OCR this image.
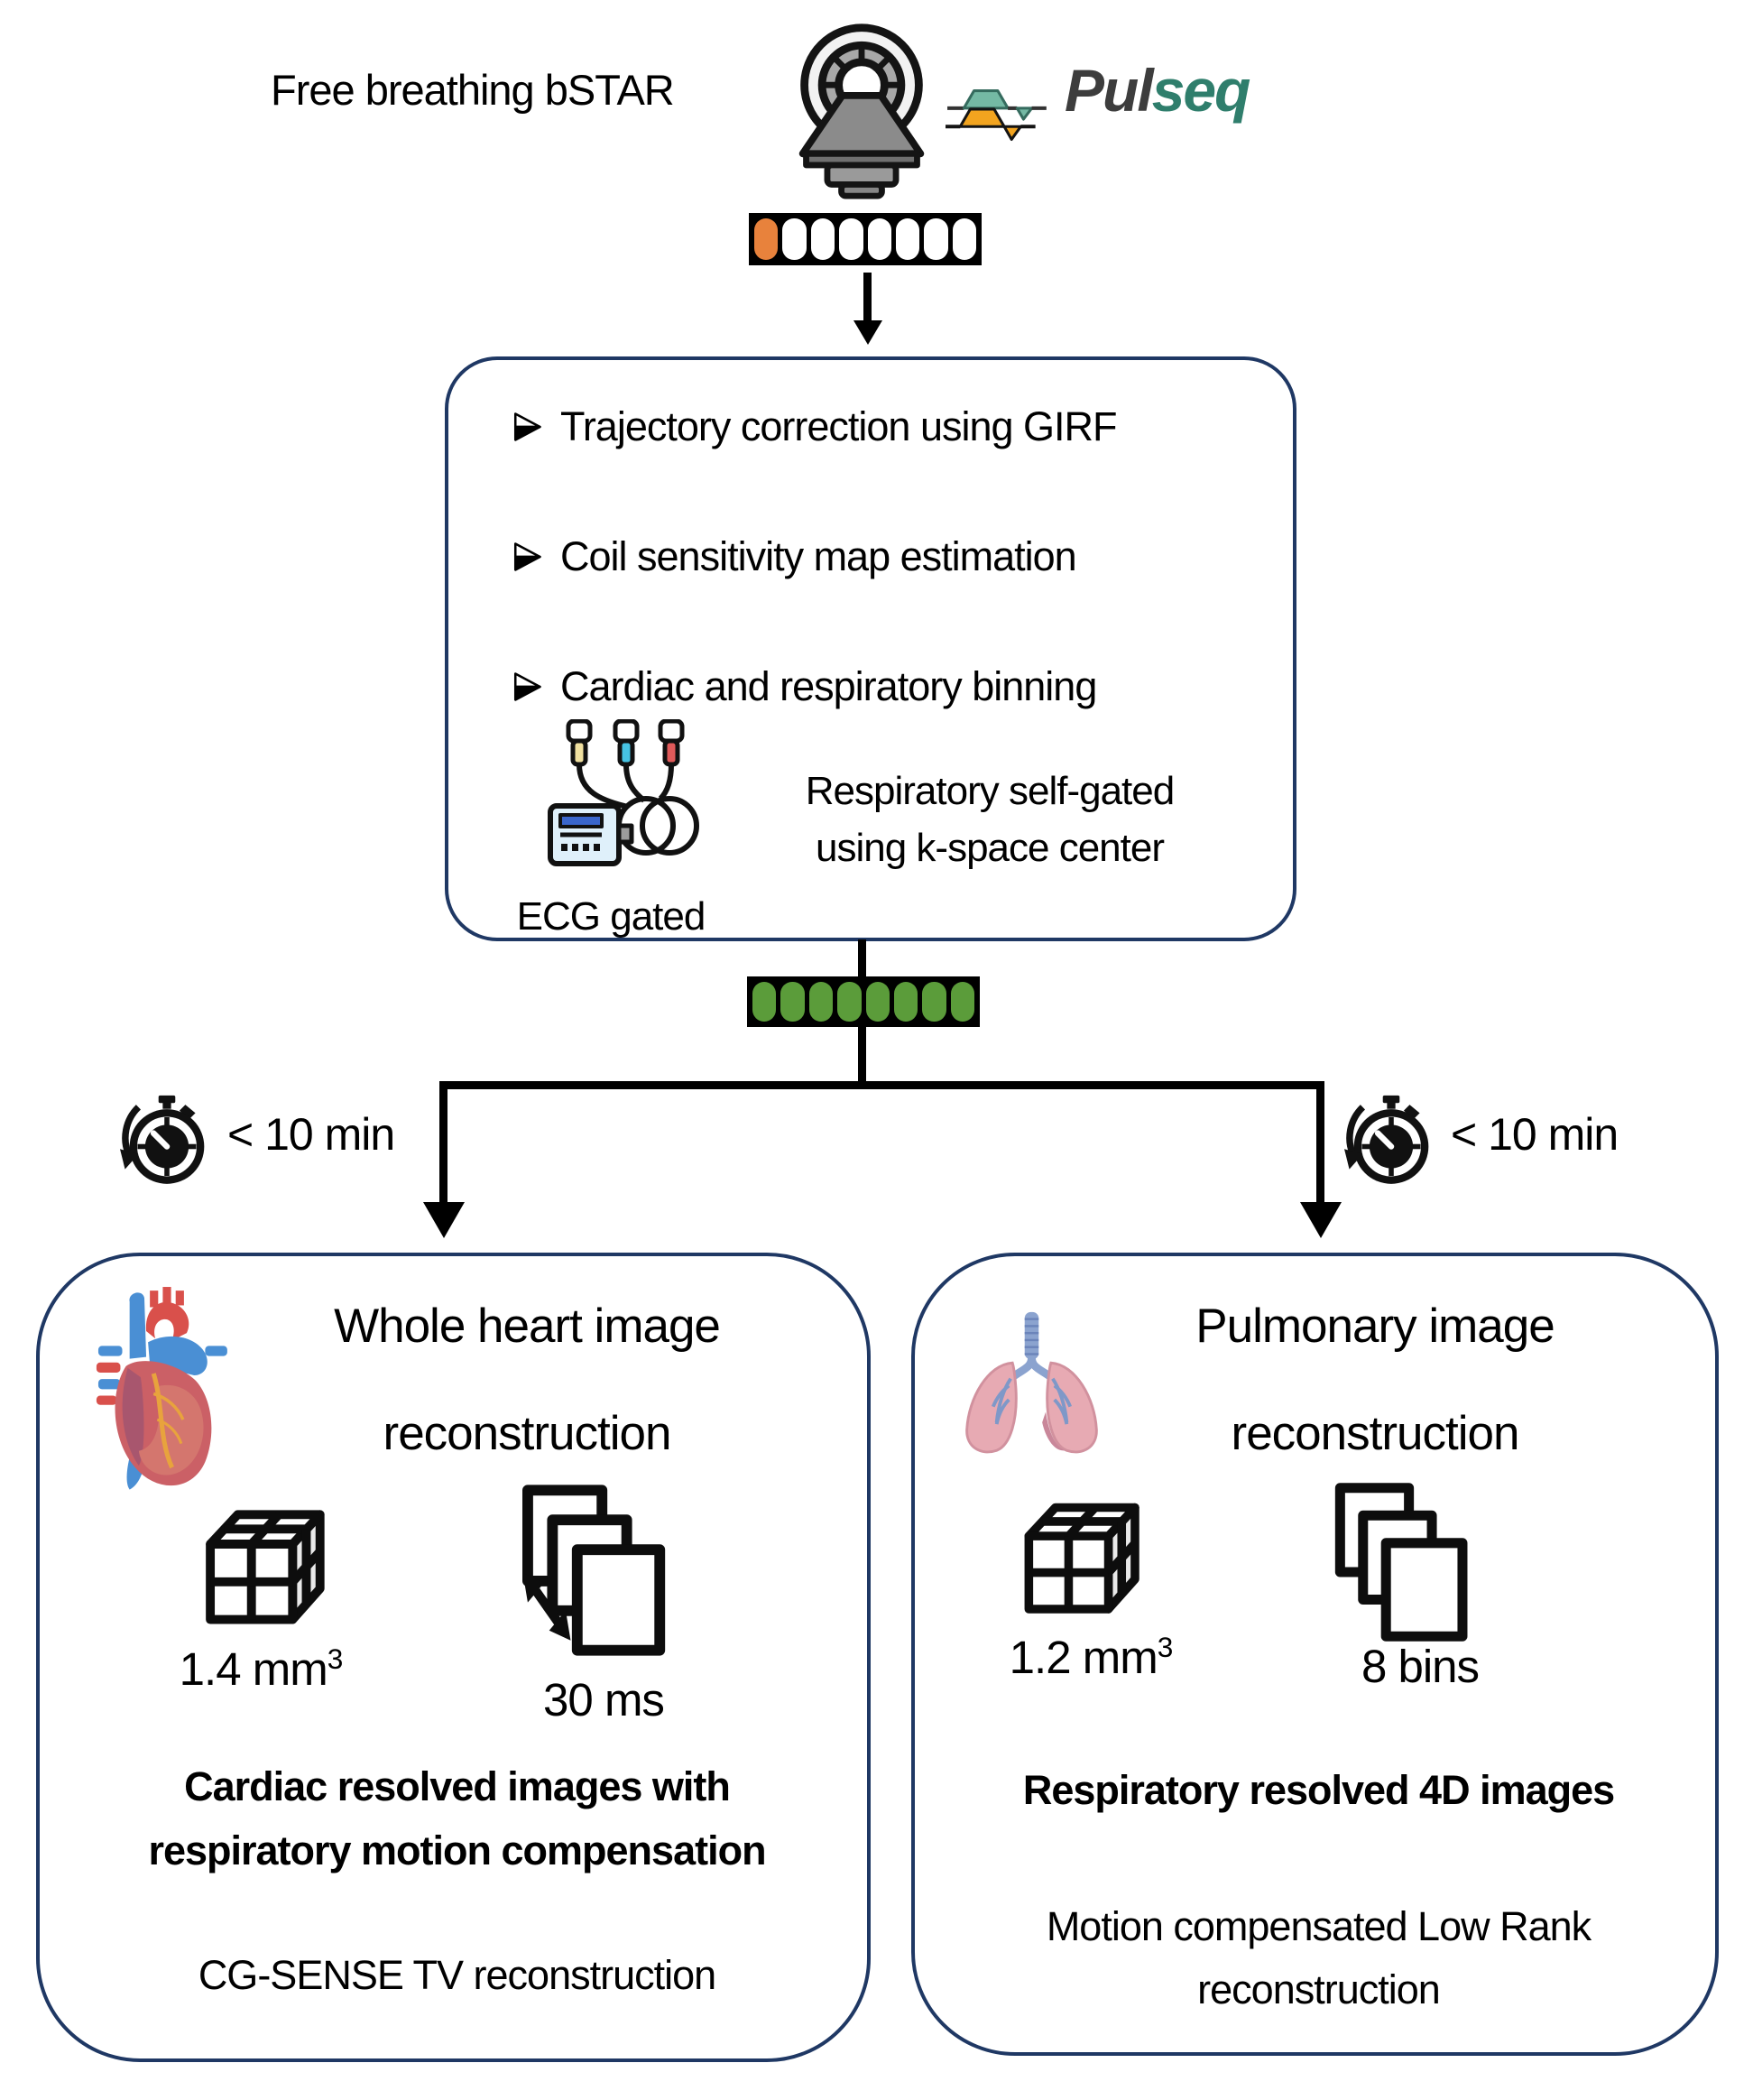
Free breathing bSTAR	Pulseq
Trajectory correction using GIRF
Coil sensitivity map estimation
Cardiac and respiratory binning
ECG gated
Respiratory self-gated
using k-space center
< 10 min	< 10 min
Whole heart image
reconstruction
1.4 $mm^3$
30 ms
Cardiac resolved images with
respiratory motion compensation
CG-SENSE TV reconstruction
Pulmonary image
reconstruction
1.2 $mm^3$	8 bins
Respiratory resolved 4D images
Motion compensated Low Rank
reconstruction
